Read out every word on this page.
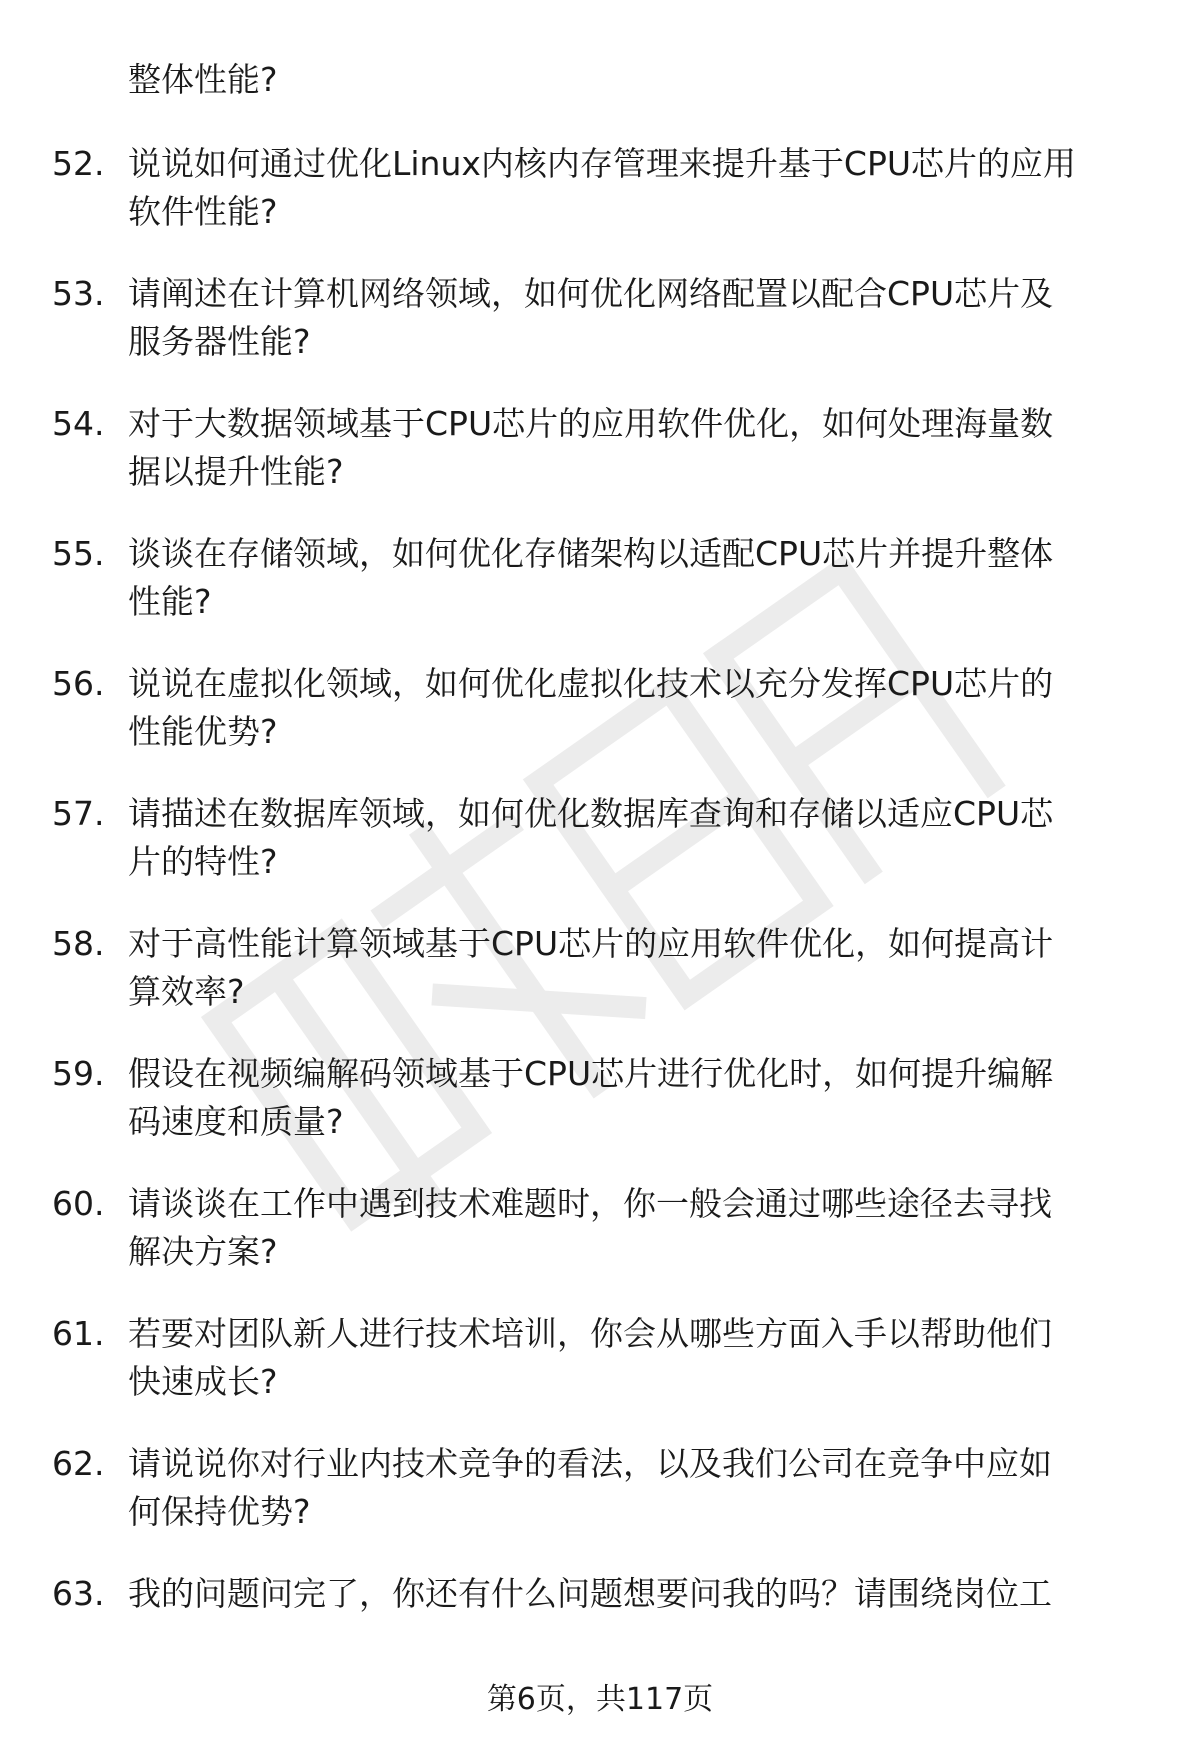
整体性能?
52. 说说如何通过优化Linux内核内存管理来提升基于CPU芯片的应用
软件性能?
53. 请阐述在计算机网络领域，如何优化网络配置以配合CPU芯片及
服务器性能?
54. 对于大数据领域基于CPU芯片的应用软件优化，如何处理海量数
据以提升性能?
55. 谈谈在存储领域，如何优化存储架构以适配CPU芯片并提升整体
性能?
56. 说说在虚拟化领域，如何优化虚拟化技术以充分发挥CPU芯片的
性能优势?
57. 请描述在数据库领域，如何优化数据库查询和存储以适应CPU芯
片的特性?
58. 对于高性能计算领域基于CPU芯片的应用软件优化，如何提高计
算效率?
59. 假设在视频编解码领域基于CPU芯片进行优化时，如何提升编解
码速度和质量?
60. 请谈谈在工作中遇到技术难题时，你一般会通过哪些途径去寻找
解决方案?
61. 若要对团队新人进行技术培训，你会从哪些方面入手以帮助他们
快速成长?
62. 请说说你对行业内技术竞争的看法，以及我们公司在竞争中应如
何保持优势?
63. 我的问题问完了，你还有什么问题想要问我的吗？请围绕岗位工
第6页，共117页
